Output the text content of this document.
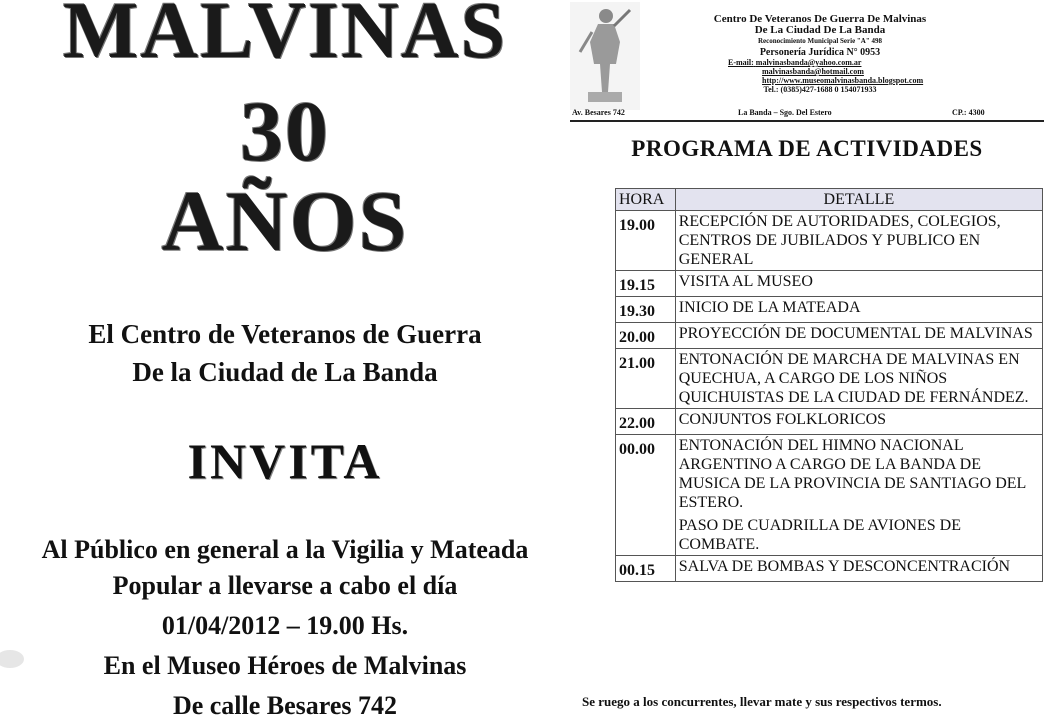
MALVINAS
30
AÑOS
El Centro de Veteranos de Guerra
De la Ciudad de La Banda
INVITA
Al Público en general a la Vigilia y Mateada
Popular a llevarse a cabo el día
01/04/2012 – 19.00 Hs.
En el Museo Héroes de Malvinas
De calle Besares 742
Centro De Veteranos De Guerra De Malvinas
De La Ciudad De La Banda
Reconocimiento Municipal Serie "A" 498
Personería Jurídica N° 0953
E-mail: malvinasbanda@yahoo.com.ar
malvinasbanda@hotmail.com
http://www.museomalvinasbanda.blogspot.com
Tel.: (0385)427-1688 0 154071933
Av. Besares 742	La Banda – Sgo. Del Estero	CP.: 4300
PROGRAMA DE ACTIVIDADES
HORA	DETALLE
19.00	RECEPCIÓN DE AUTORIDADES, COLEGIOS, CENTROS DE JUBILADOS Y PUBLICO EN GENERAL

19.15	VISITA AL MUSEO

19.30	INICIO DE LA MATEADA

20.00	PROYECCIÓN DE DOCUMENTAL DE MALVINAS

21.00	ENTONACIÓN DE MARCHA DE MALVINAS EN QUECHUA, A CARGO DE LOS NIÑOS QUICHUISTAS DE LA CIUDAD DE FERNÁNDEZ.

22.00	CONJUNTOS FOLKLORICOS

00.00	ENTONACIÓN DEL HIMNO NACIONAL ARGENTINO A CARGO DE LA BANDA DE MUSICA DE LA PROVINCIA DE SANTIAGO DEL ESTERO.
PASO DE CUADRILLA DE AVIONES DE COMBATE.

00.15	SALVA DE BOMBAS Y DESCONCENTRACIÓN
Se ruego a los concurrentes, llevar mate y sus respectivos termos.
